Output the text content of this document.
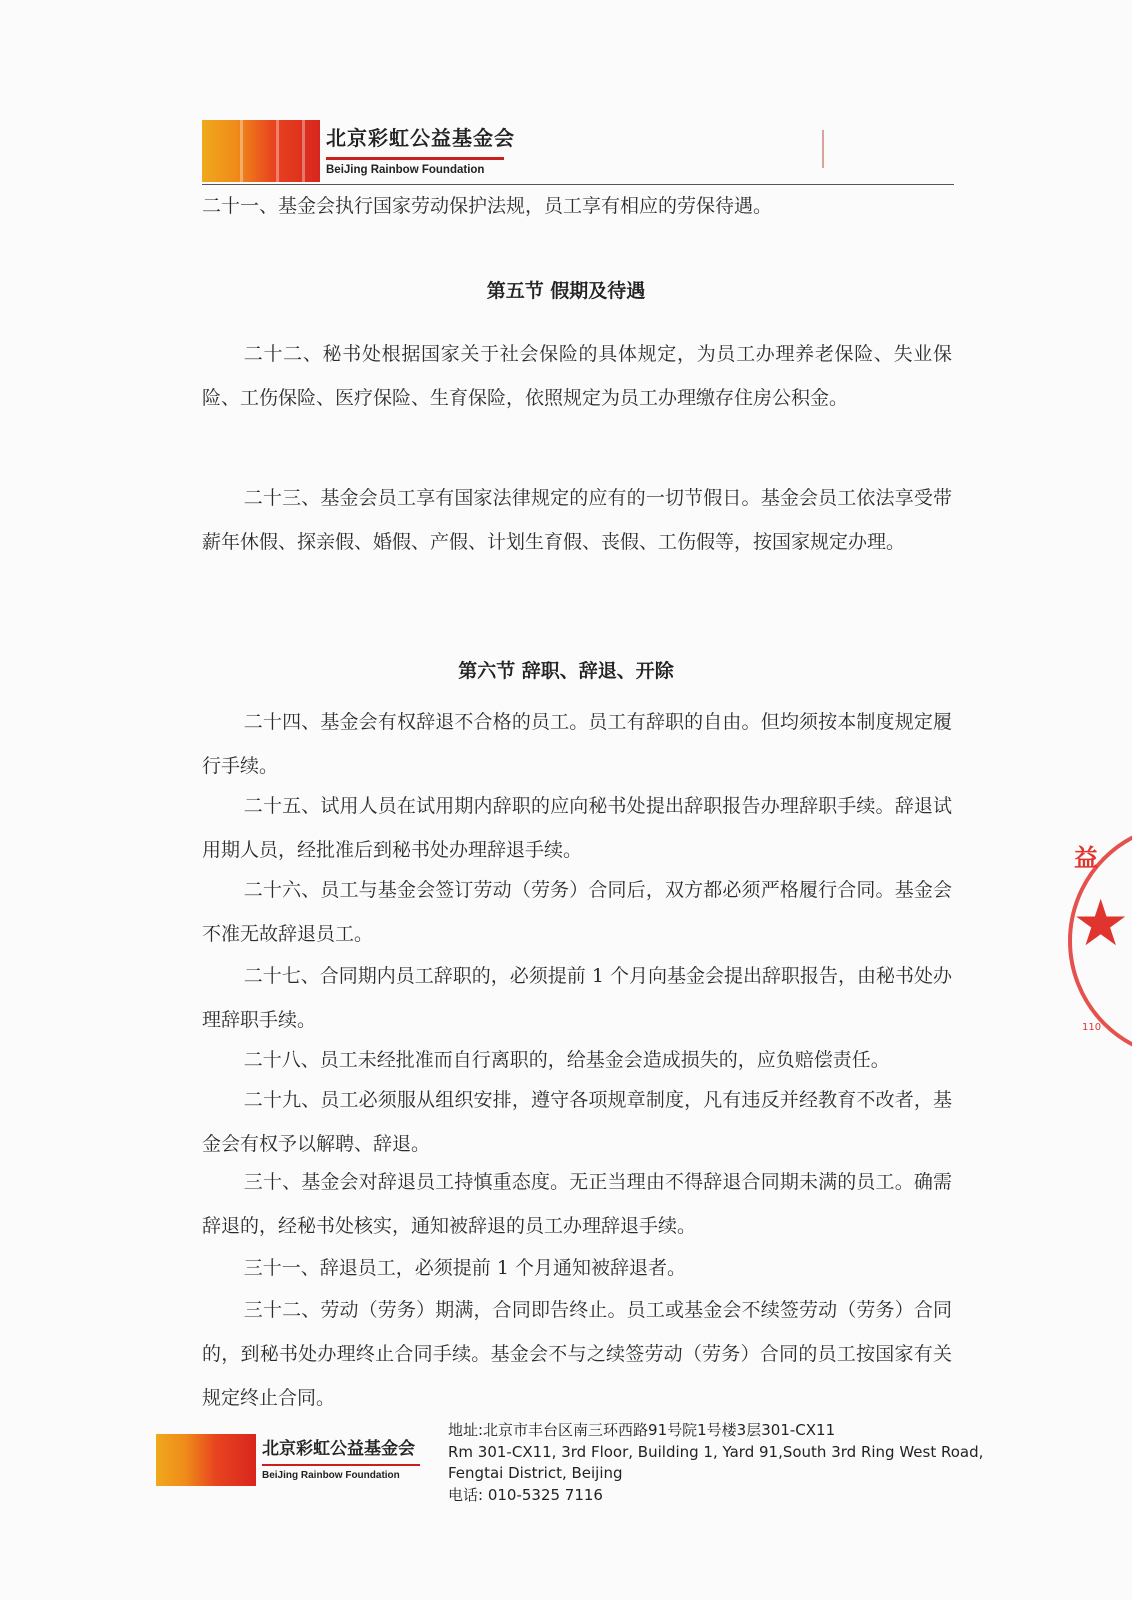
北京彩虹公益基金会
BeiJing Rainbow Foundation

二十一、基金会执行国家劳动保护法规，员工享有相应的劳保待遇。

第五节 假期及待遇

二十二、秘书处根据国家关于社会保险的具体规定，为员工办理养老保险、失业保险、工伤保险、医疗保险、生育保险，依照规定为员工办理缴存住房公积金。

二十三、基金会员工享有国家法律规定的应有的一切节假日。基金会员工依法享受带薪年休假、探亲假、婚假、产假、计划生育假、丧假、工伤假等，按国家规定办理。

第六节 辞职、辞退、开除

二十四、基金会有权辞退不合格的员工。员工有辞职的自由。但均须按本制度规定履行手续。

二十五、试用人员在试用期内辞职的应向秘书处提出辞职报告办理辞职手续。辞退试用期人员，经批准后到秘书处办理辞退手续。

二十六、员工与基金会签订劳动（劳务）合同后，双方都必须严格履行合同。基金会不准无故辞退员工。

二十七、合同期内员工辞职的，必须提前 1 个月向基金会提出辞职报告，由秘书处办理辞职手续。

二十八、员工未经批准而自行离职的，给基金会造成损失的，应负赔偿责任。

二十九、员工必须服从组织安排，遵守各项规章制度，凡有违反并经教育不改者，基金会有权予以解聘、辞退。

三十、基金会对辞退员工持慎重态度。无正当理由不得辞退合同期未满的员工。确需辞退的，经秘书处核实，通知被辞退的员工办理辞退手续。

三十一、辞退员工，必须提前 1 个月通知被辞退者。

三十二、劳动（劳务）期满，合同即告终止。员工或基金会不续签劳动（劳务）合同的，到秘书处办理终止合同手续。基金会不与之续签劳动（劳务）合同的员工按国家有关规定终止合同。

益
★
110
北京彩虹公益基金会
BeiJing Rainbow Foundation
地址:北京市丰台区南三环西路91号院1号楼3层301-CX11
Rm 301-CX11, 3rd Floor, Building 1, Yard 91,South 3rd Ring West Road,
Fengtai District, Beijing
电话: 010-5325 7116
